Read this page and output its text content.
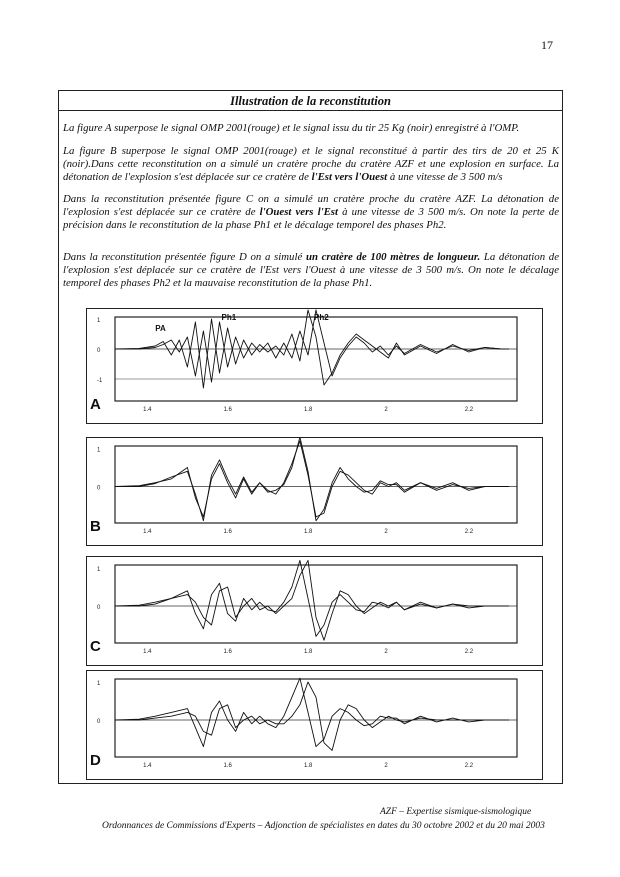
17
Illustration de la reconstitution
La figure A superpose le signal OMP 2001(rouge) et le signal issu du tir 25 Kg (noir) enregistré à l'OMP.
La figure B superpose le signal OMP 2001(rouge) et le signal reconstitué à partir des tirs de 20 et 25 K (noir).Dans cette reconstitution on a simulé un cratère proche du cratère AZF et une explosion en surface. La détonation de l'explosion s'est déplacée sur ce cratère de l'Est vers l'Ouest à une vitesse de 3 500 m/s
Dans la reconstitution présentée figure C on a simulé un cratère proche du cratère AZF. La détonation de l'explosion s'est déplacée sur ce cratère de l'Ouest vers l'Est à une vitesse de 3 500 m/s. On note la perte de précision dans le reconstitution de la phase Ph1 et le décalage temporel des phases Ph2.
Dans la reconstitution présentée figure D on a simulé un cratère de 100 mètres de longueur. La détonation de l'explosion s'est déplacée sur ce cratère de l'Est vers l'Ouest à une vitesse de 3 500 m/s. On note le décalage temporel des phases Ph2 et la mauvaise reconstitution de la phase Ph1.
1
0
-1
1.4	1.6	1.8	2	2.2
A
PA
Ph1	Ph2
1
0
1.4	1.6	1.8	2	2.2
B
1
0
1.4	1.6	1.8	2	2.2
C
1
0
1.4	1.6	1.8	2	2.2
D
AZF – Expertise sismique-sismologique
Ordonnances de Commissions d'Experts – Adjonction de spécialistes en dates du 30 octobre 2002 et du 20 mai 2003
